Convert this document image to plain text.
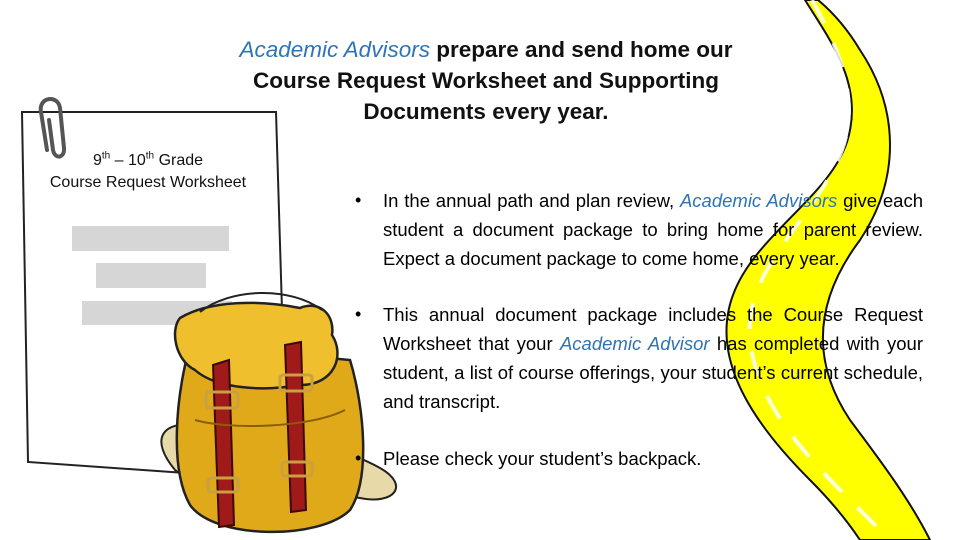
9th – 10th Grade
Course Request Worksheet
Academic Advisors prepare and send home our Course Request Worksheet and Supporting Documents every year.
• In the annual path and plan review, Academic Advisors give each student a document package to bring home for parent review. Expect a document package to come home, every year.
• This annual document package includes the Course Request Worksheet that your Academic Advisor has completed with your student, a list of course offerings, your student’s current schedule, and transcript.
• Please check your student’s backpack.
